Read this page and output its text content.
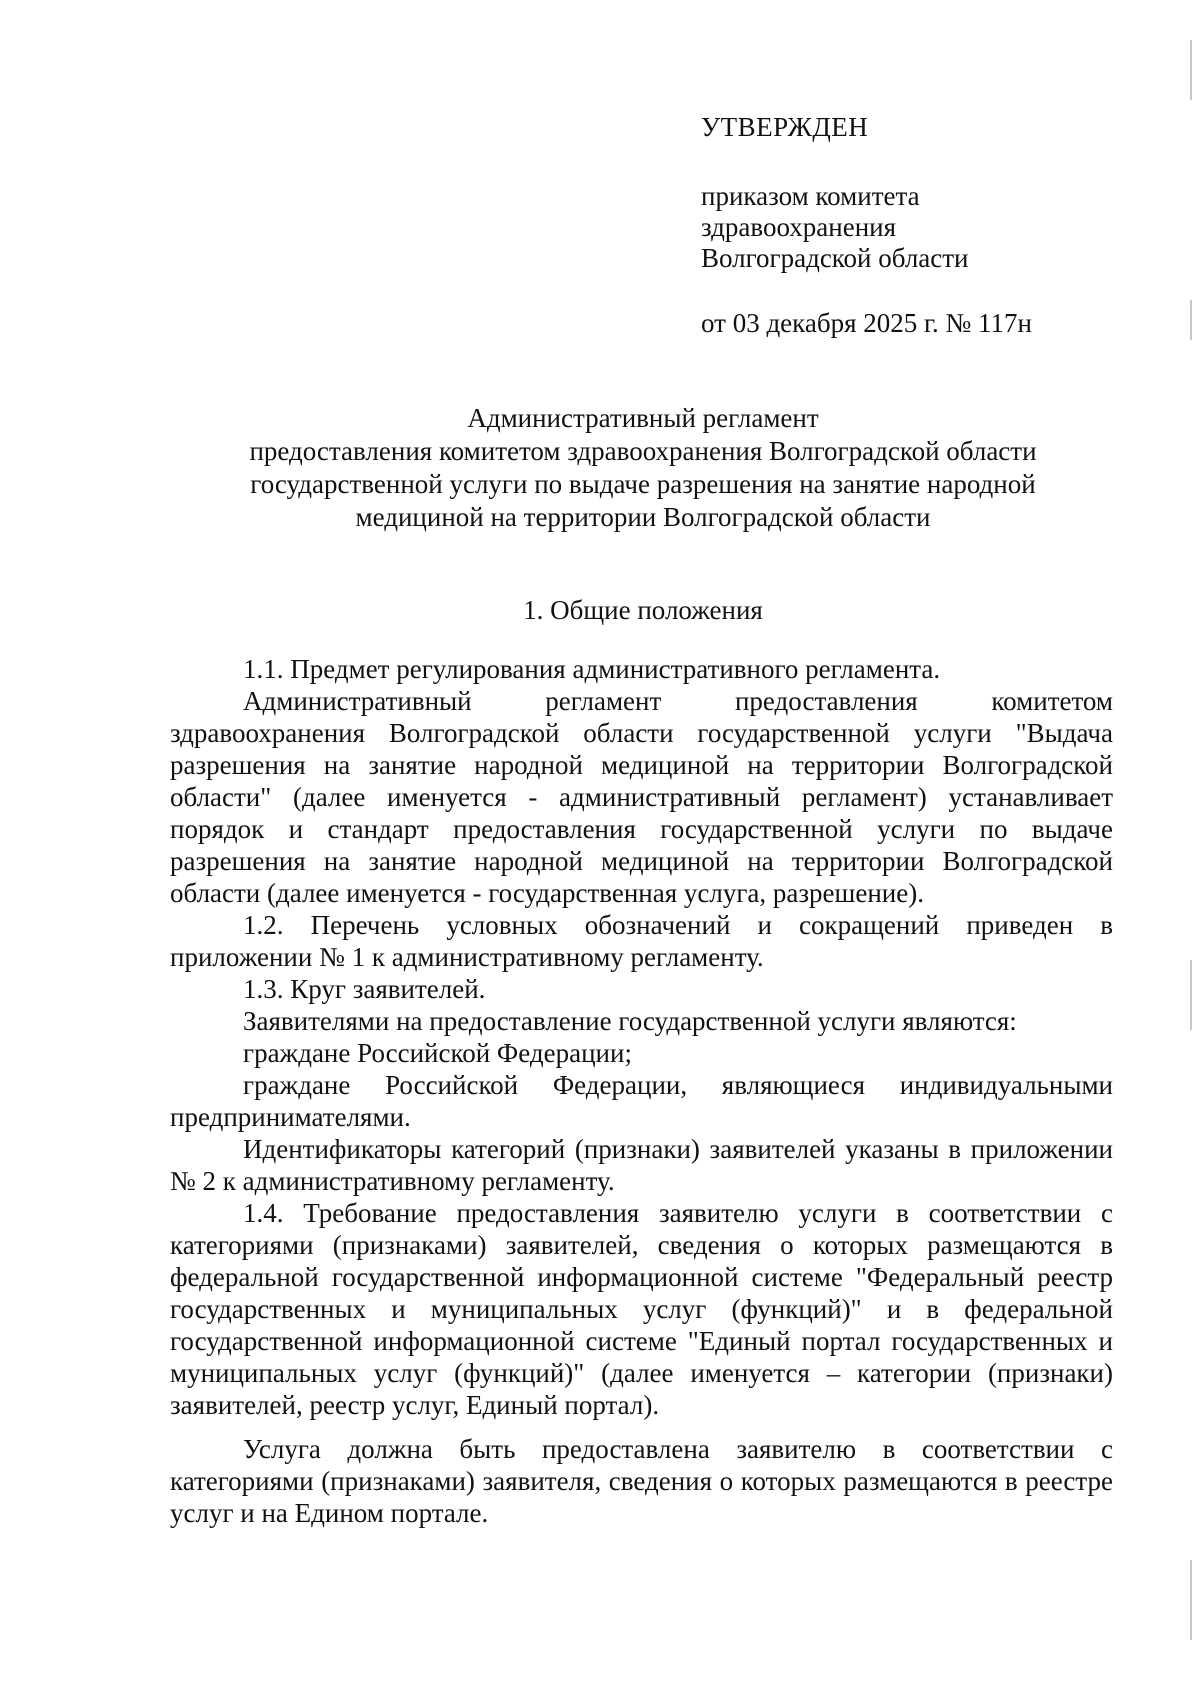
УТВЕРЖДЕН

приказом комитета

здравоохранения

Волгоградской области

от 03 декабря 2025 г. № 117н

Административный регламент
предоставления комитетом здравоохранения Волгоградской области
государственной услуги по выдаче разрешения на занятие народной
медициной на территории Волгоградской области
1. Общие положения

1.1. Предмет регулирования административного регламента.

Административный регламент предоставления комитетом здравоохранения Волгоградской области государственной услуги "Выдача разрешения на занятие народной медициной на территории Волгоградской области" (далее именуется - административный регламент) устанавливает порядок и стандарт предоставления государственной услуги по выдаче разрешения на занятие народной медициной на территории Волгоградской области (далее именуется - государственная услуга, разрешение).

1.2. Перечень условных обозначений и сокращений приведен в приложении № 1 к административному регламенту.

1.3. Круг заявителей.

Заявителями на предоставление государственной услуги являются:

граждане Российской Федерации;

граждане Российской Федерации, являющиеся индивидуальными предпринимателями.

Идентификаторы категорий (признаки) заявителей указаны в приложении № 2 к административному регламенту.

1.4. Требование предоставления заявителю услуги в соответствии с категориями (признаками) заявителей, сведения о которых размещаются в федеральной государственной информационной системе "Федеральный реестр государственных и муниципальных услуг (функций)" и в федеральной государственной информационной системе "Единый портал государственных и муниципальных услуг (функций)" (далее именуется – категории (признаки) заявителей, реестр услуг, Единый портал).

Услуга должна быть предоставлена заявителю в соответствии с категориями (признаками) заявителя, сведения о которых размещаются в реестре услуг и на Едином портале.
